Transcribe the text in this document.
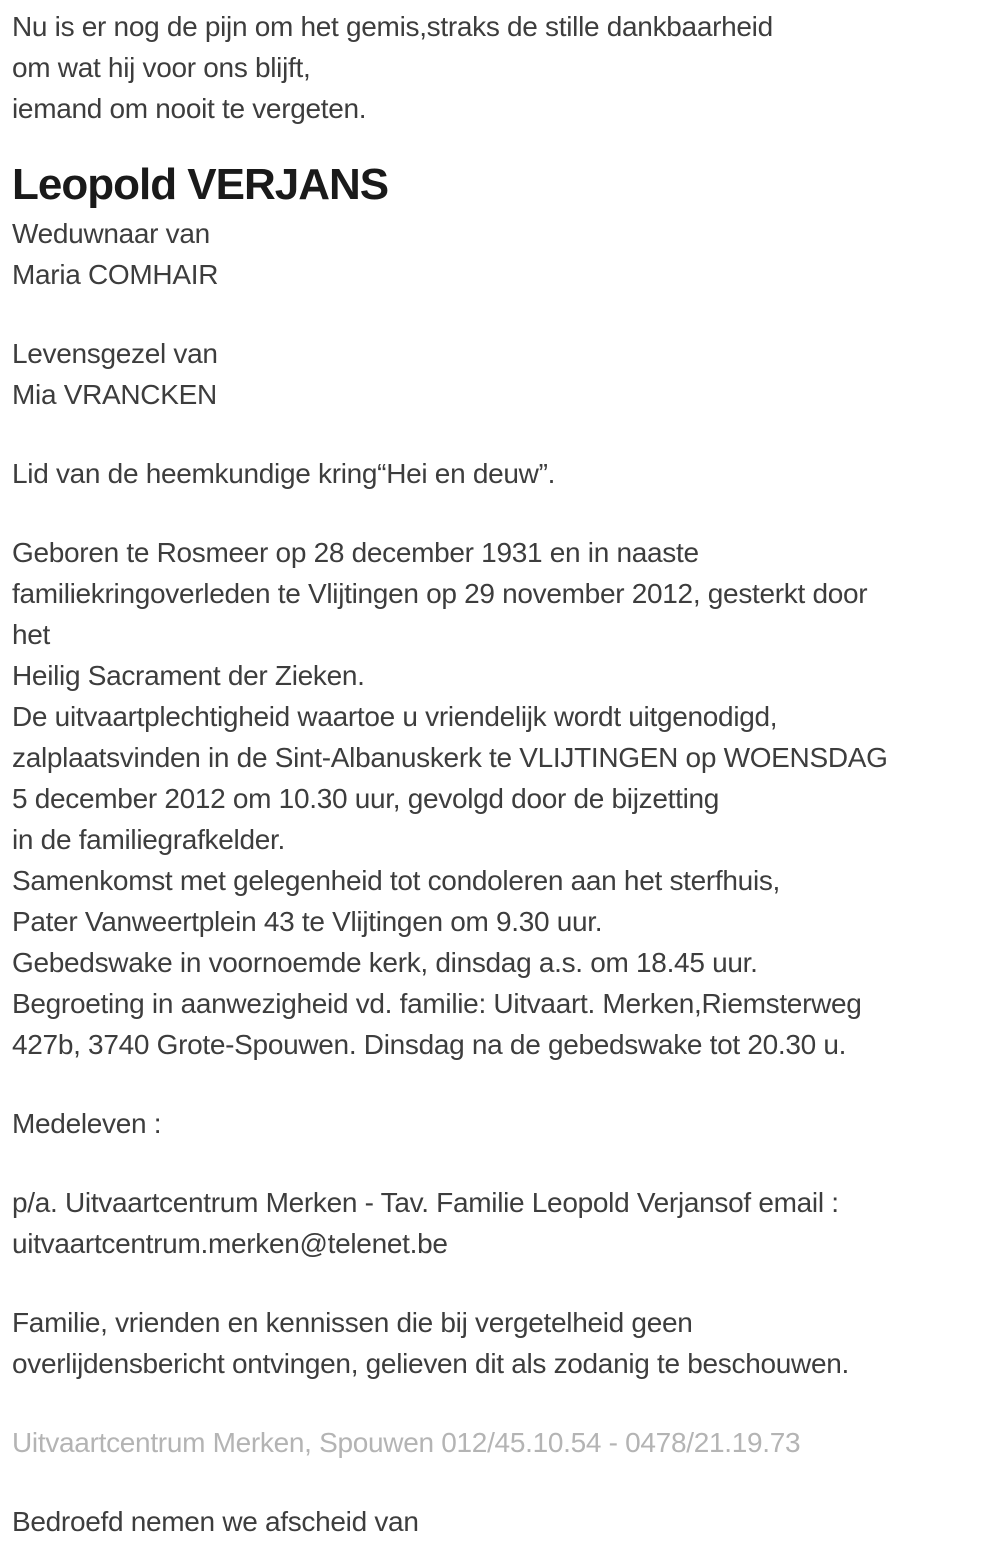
Nu is er nog de pijn om het gemis,straks de stille dankbaarheid
om wat hij voor ons blijft,
iemand om nooit te vergeten.
Leopold VERJANS
Weduwnaar van
Maria COMHAIR
Levensgezel van
Mia VRANCKEN
Lid van de heemkundige kring“Hei en deuw”.
Geboren te Rosmeer op 28 december 1931 en in naaste
familiekringoverleden te Vlijtingen op 29 november 2012, gesterkt door
het
Heilig Sacrament der Zieken.
De uitvaartplechtigheid waartoe u vriendelijk wordt uitgenodigd,
zalplaatsvinden in de Sint-Albanuskerk te VLIJTINGEN op WOENSDAG
5 december 2012 om 10.30 uur, gevolgd door de bijzetting
in de familiegrafkelder.
Samenkomst met gelegenheid tot condoleren aan het sterfhuis,
Pater Vanweertplein 43 te Vlijtingen om 9.30 uur.
Gebedswake in voornoemde kerk, dinsdag a.s. om 18.45 uur.
Begroeting in aanwezigheid vd. familie: Uitvaart. Merken,Riemsterweg
427b, 3740 Grote-Spouwen. Dinsdag na de gebedswake tot 20.30 u.
Medeleven :
p/a. Uitvaartcentrum Merken - Tav. Familie Leopold Verjansof email :
uitvaartcentrum.merken@telenet.be
Familie, vrienden en kennissen die bij vergetelheid geen
overlijdensbericht ontvingen, gelieven dit als zodanig te beschouwen.
Uitvaartcentrum Merken, Spouwen 012/45.10.54 - 0478/21.19.73
Bedroefd nemen we afscheid van
